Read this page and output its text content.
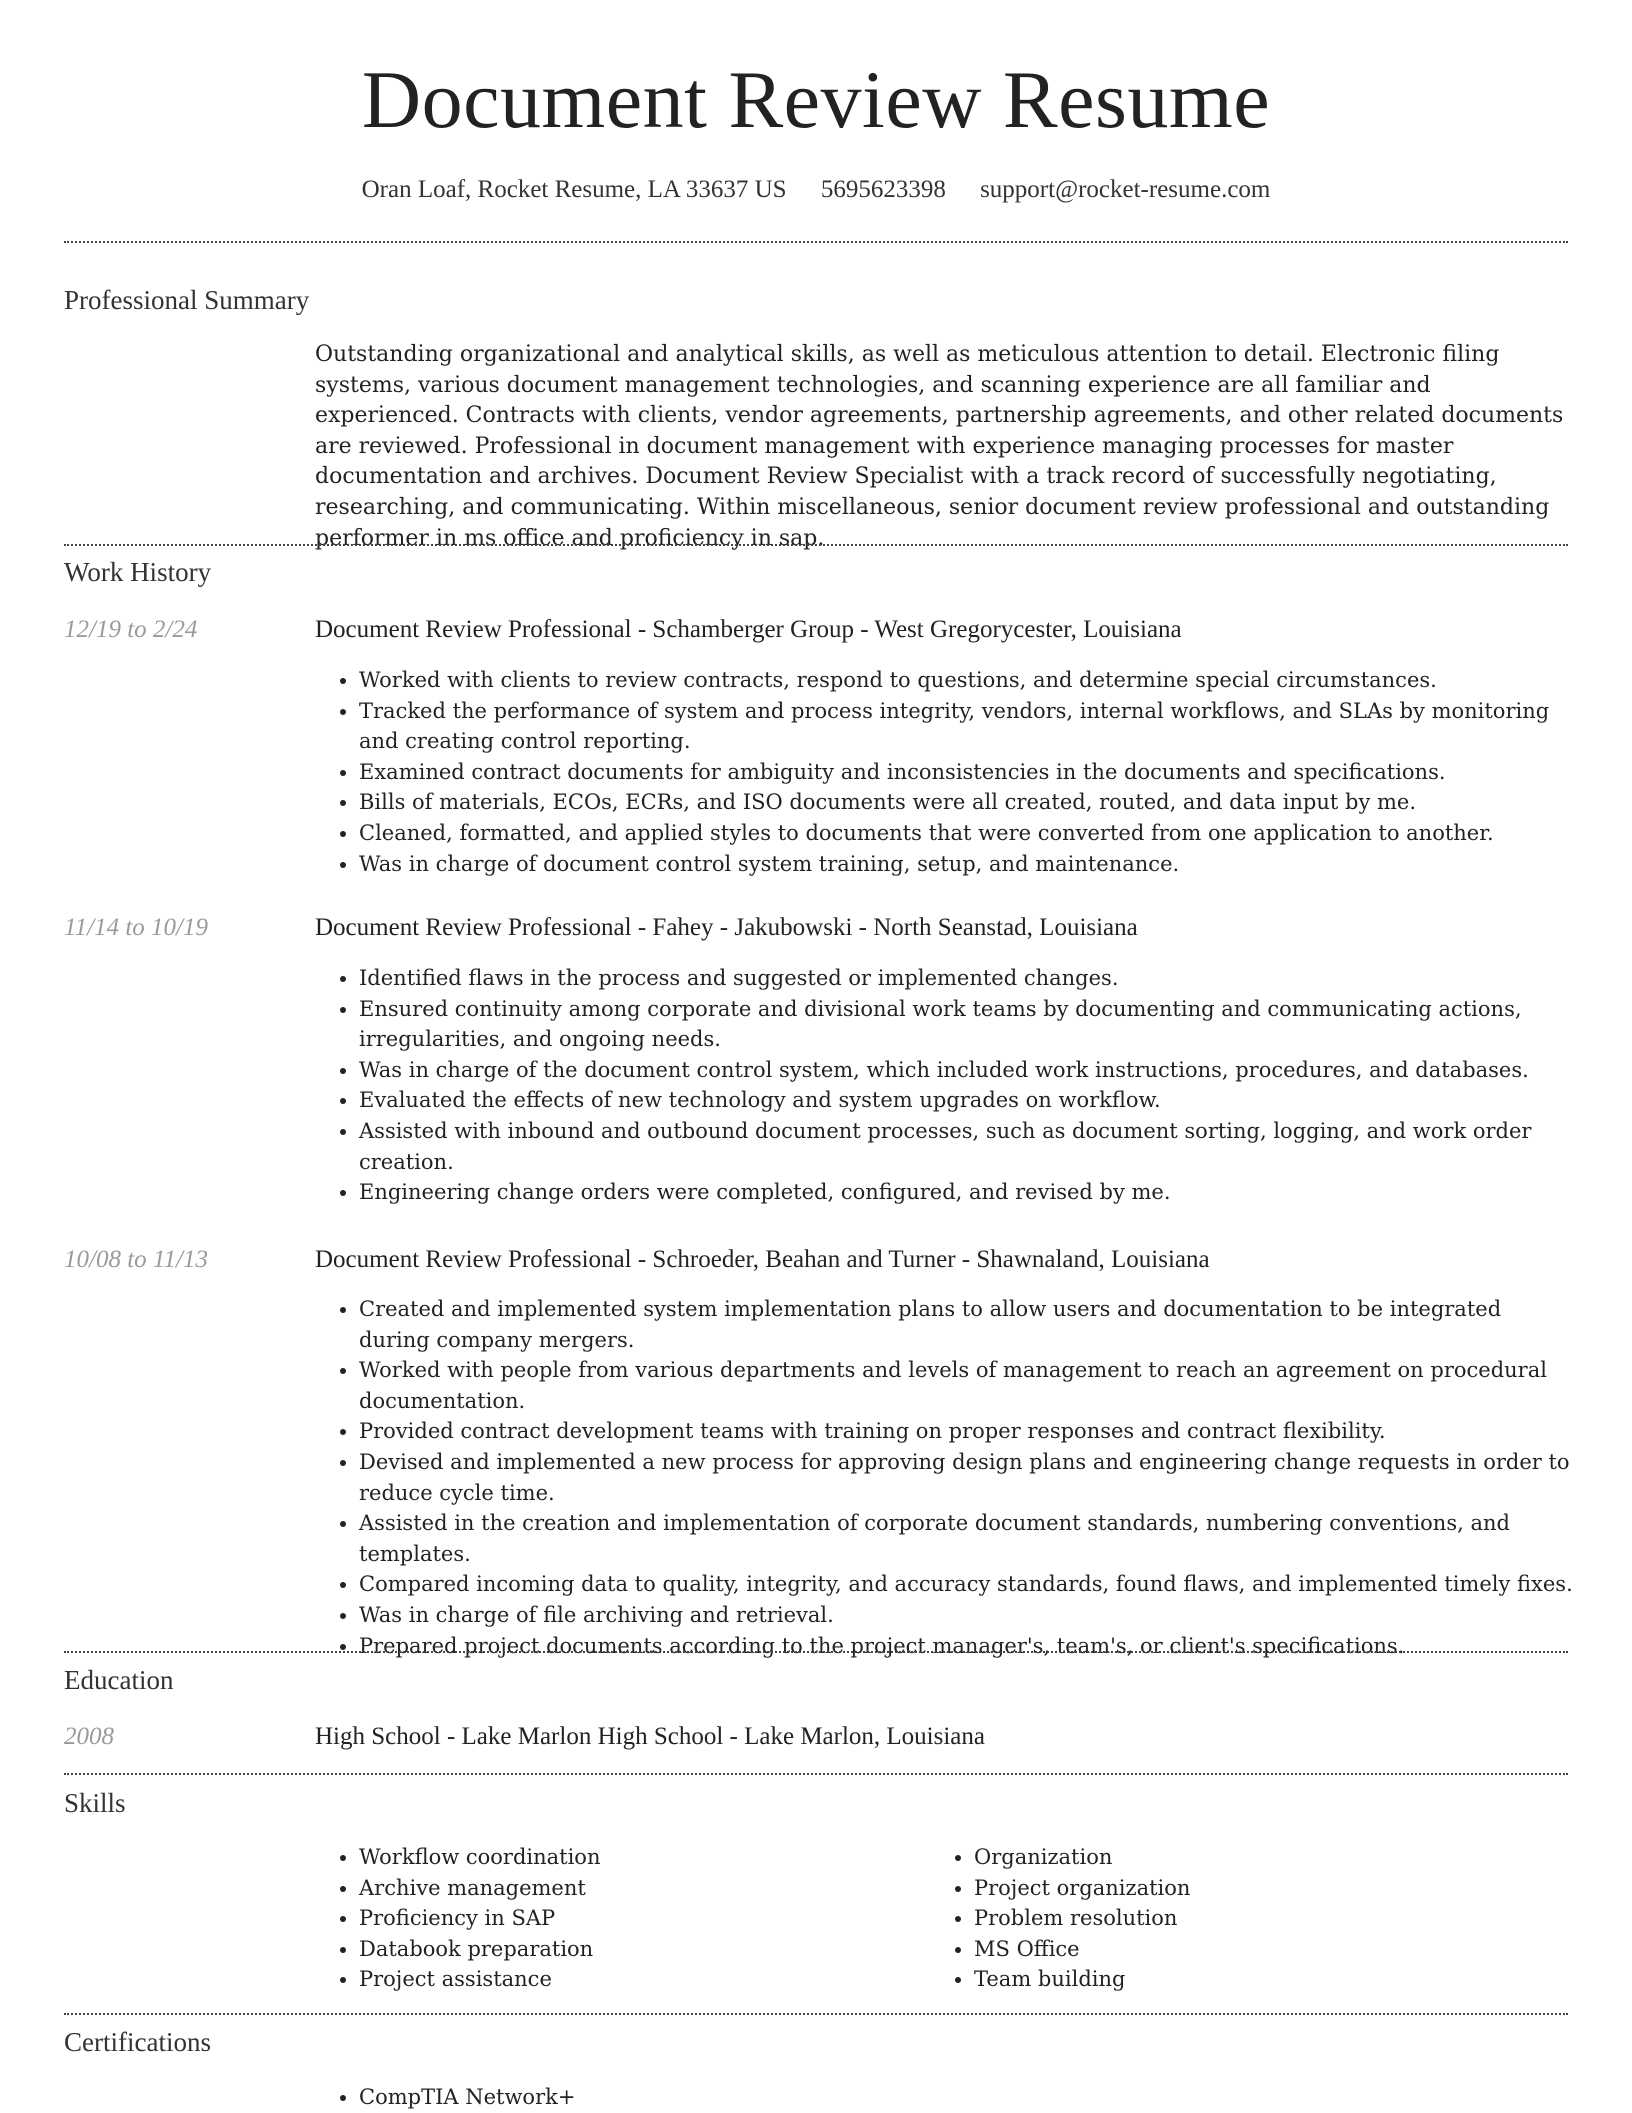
Document Review Resume
Oran Loaf, Rocket Resume, LA 33637 US 5695623398 support@rocket-resume.com
Professional Summary
Outstanding organizational and analytical skills, as well as meticulous attention to detail. Electronic filing systems, various document management technologies, and scanning experience are all familiar and experienced. Contracts with clients, vendor agreements, partnership agreements, and other related documents are reviewed. Professional in document management with experience managing processes for master documentation and archives. Document Review Specialist with a track record of successfully negotiating, researching, and communicating. Within miscellaneous, senior document review professional and outstanding performer in ms office and proficiency in sap.
Work History
12/19 to 2/24	Document Review Professional - Schamberger Group - West Gregorycester, Louisiana
• Worked with clients to review contracts, respond to questions, and determine special circumstances.
• Tracked the performance of system and process integrity, vendors, internal workflows, and SLAs by monitoring and creating control reporting.
• Examined contract documents for ambiguity and inconsistencies in the documents and specifications.
• Bills of materials, ECOs, ECRs, and ISO documents were all created, routed, and data input by me.
• Cleaned, formatted, and applied styles to documents that were converted from one application to another.
• Was in charge of document control system training, setup, and maintenance.
11/14 to 10/19	Document Review Professional - Fahey - Jakubowski - North Seanstad, Louisiana
• Identified flaws in the process and suggested or implemented changes.
• Ensured continuity among corporate and divisional work teams by documenting and communicating actions, irregularities, and ongoing needs.
• Was in charge of the document control system, which included work instructions, procedures, and databases.
• Evaluated the effects of new technology and system upgrades on workflow.
• Assisted with inbound and outbound document processes, such as document sorting, logging, and work order creation.
• Engineering change orders were completed, configured, and revised by me.
10/08 to 11/13	Document Review Professional - Schroeder, Beahan and Turner - Shawnaland, Louisiana
• Created and implemented system implementation plans to allow users and documentation to be integrated during company mergers.
• Worked with people from various departments and levels of management to reach an agreement on procedural documentation.
• Provided contract development teams with training on proper responses and contract flexibility.
• Devised and implemented a new process for approving design plans and engineering change requests in order to reduce cycle time.
• Assisted in the creation and implementation of corporate document standards, numbering conventions, and templates.
• Compared incoming data to quality, integrity, and accuracy standards, found flaws, and implemented timely fixes.
• Was in charge of file archiving and retrieval.
• Prepared project documents according to the project manager's, team's, or client's specifications.
Education
2008	High School - Lake Marlon High School - Lake Marlon, Louisiana
Skills
• Workflow coordination
• Archive management
• Proficiency in SAP
• Databook preparation
• Project assistance
• Organization
• Project organization
• Problem resolution
• MS Office
• Team building
Certifications
• CompTIA Network+
